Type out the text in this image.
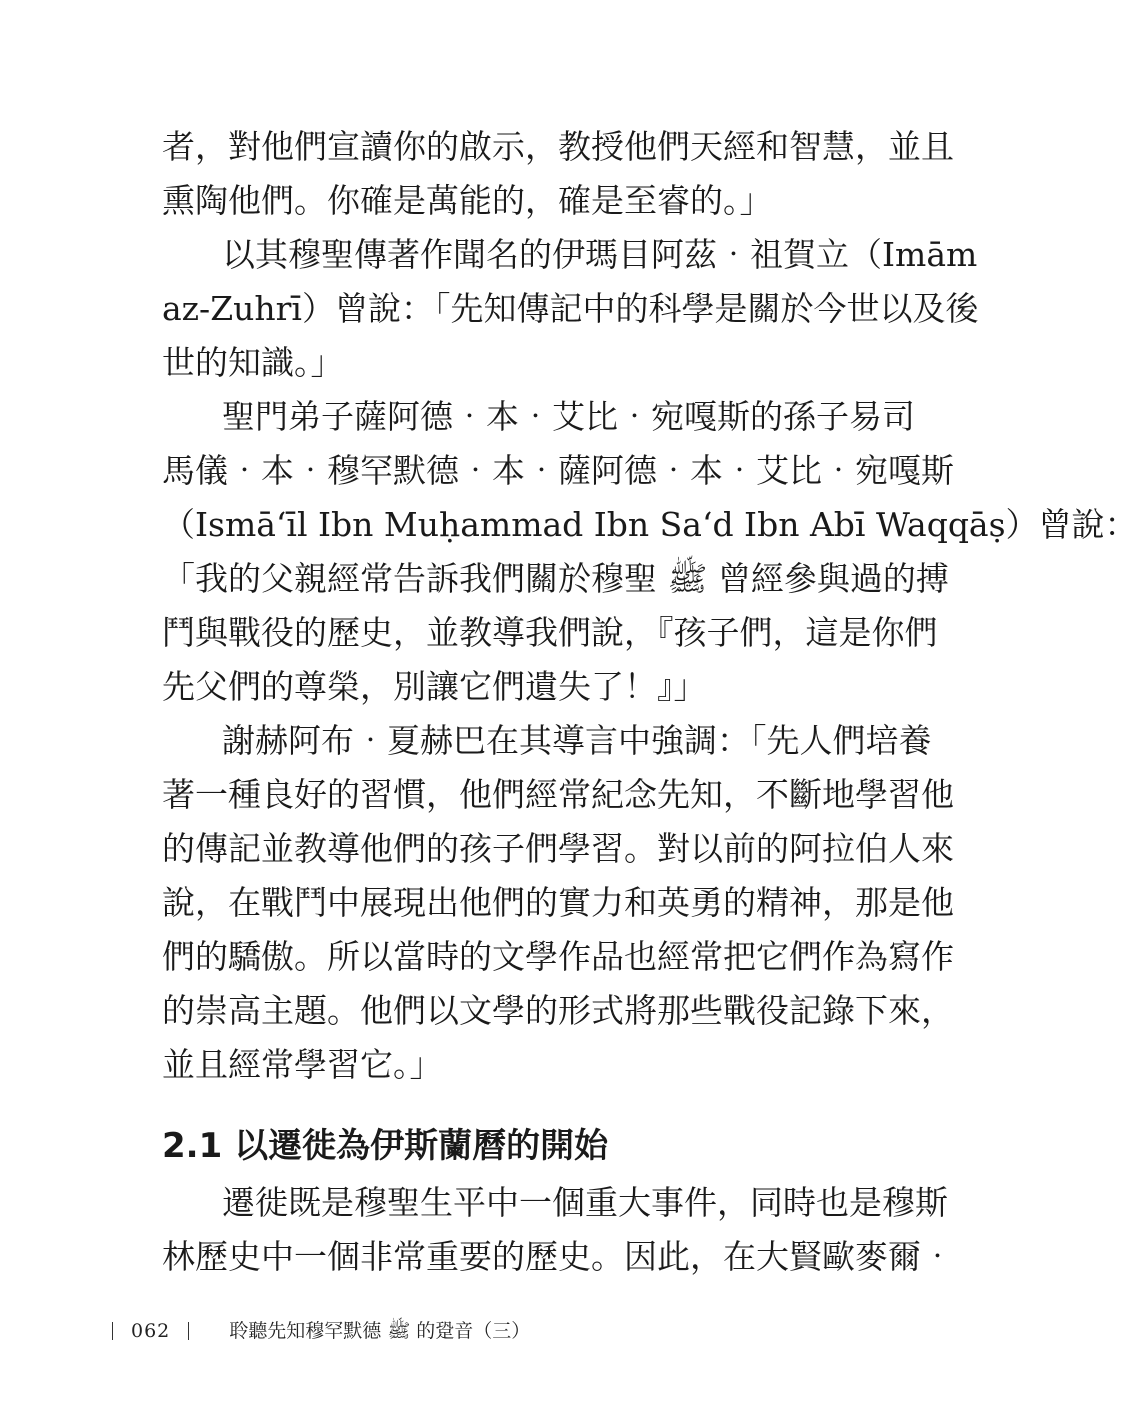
者，對他們宣讀你的啟示，教授他們天經和智慧，並且
熏陶他們。你確是萬能的，確是至睿的。」
以其穆聖傳著作聞名的伊瑪目阿茲‧祖賀立（Imām
az-Zuhrī）曾說：「先知傳記中的科學是關於今世以及後
世的知識。」
聖門弟子薩阿德‧本‧艾比‧宛嘎斯的孫子易司
馬儀‧本‧穆罕默德‧本‧薩阿德‧本‧艾比‧宛嘎斯
（Ismāʻīl Ibn Muḥammad Ibn Saʻd Ibn Abī Waqqāṣ）曾說：
「我的父親經常告訴我們關於穆聖 ﷺ 曾經參與過的搏
鬥與戰役的歷史，並教導我們說，『孩子們，這是你們
先父們的尊榮，別讓它們遺失了！』」
謝赫阿布‧夏赫巴在其導言中強調：「先人們培養
著一種良好的習慣，他們經常紀念先知，不斷地學習他
的傳記並教導他們的孩子們學習。對以前的阿拉伯人來
說，在戰鬥中展現出他們的實力和英勇的精神，那是他
們的驕傲。所以當時的文學作品也經常把它們作為寫作
的崇高主題。他們以文學的形式將那些戰役記錄下來，
並且經常學習它。」
2.1 以遷徙為伊斯蘭曆的開始
遷徙既是穆聖生平中一個重大事件，同時也是穆斯
林歷史中一個非常重要的歷史。因此，在大賢歐麥爾‧
062	聆聽先知穆罕默德 ﷺ 的跫音（三）
